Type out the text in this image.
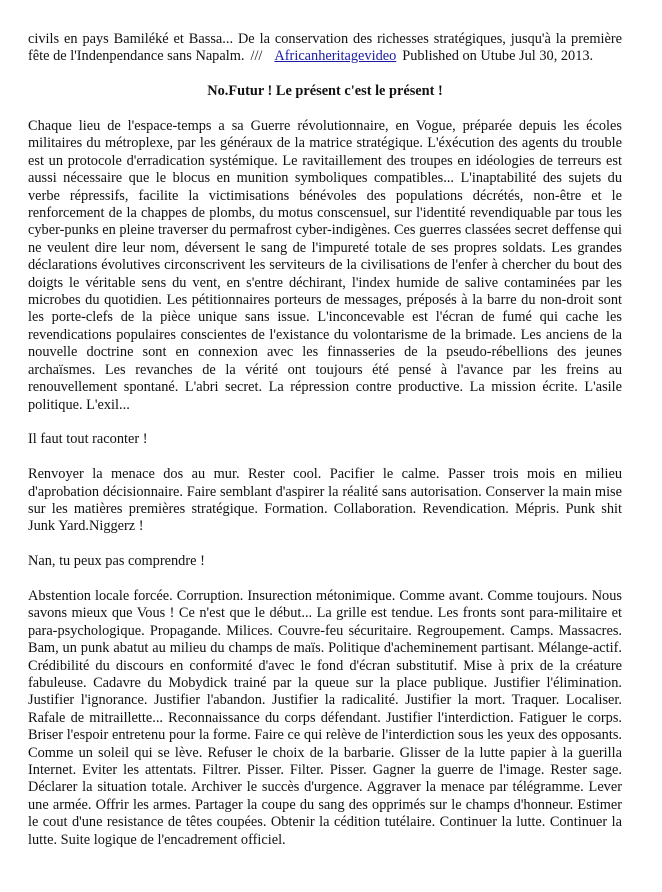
civils en pays Bamiléké et Bassa... De la conservation des richesses stratégiques, jusqu'à la première fête de l'Indenpendance sans Napalm. /// Africanheritagevideo Published on Utube Jul 30, 2013.

No.Futur ! Le présent c'est le présent !

Chaque lieu de l'espace-temps a sa Guerre révolutionnaire, en Vogue, préparée depuis les écoles militaires du métroplexe, par les généraux de la matrice stratégique. L'éxécution des agents du trouble est un protocole d'erradication systémique. Le ravitaillement des troupes en idéologies de terreurs est aussi nécessaire que le blocus en munition symboliques compatibles... L'inaptabilité des sujets du verbe répressifs, facilite la victimisations bénévoles des populations décrétés, non-être et le renforcement de la chappes de plombs, du motus conscensuel, sur l'identité revendiquable par tous les cyber-punks en pleine traverser du permafrost cyber-indigènes. Ces guerres classées secret deffense qui ne veulent dire leur nom, déversent le sang de l'impureté totale de ses propres soldats. Les grandes déclarations évolutives circonscrivent les serviteurs de la civilisations de l'enfer à chercher du bout des doigts le véritable sens du vent, en s'entre déchirant, l'index humide de salive contaminées par les microbes du quotidien. Les pétitionnaires porteurs de messages, préposés à la barre du non-droit sont les porte-clefs de la pièce unique sans issue. L'inconcevable est l'écran de fumé qui cache les revendications populaires conscientes de l'existance du volontarisme de la brimade. Les anciens de la nouvelle doctrine sont en connexion avec les finnasseries de la pseudo-rébellions des jeunes archaïsmes. Les revanches de la vérité ont toujours été pensé à l'avance par les freins au renouvellement spontané. L'abri secret. La répression contre productive. La mission écrite. L'asile politique. L'exil...

Il faut tout raconter !

Renvoyer la menace dos au mur. Rester cool. Pacifier le calme. Passer trois mois en milieu d'aprobation décisionnaire. Faire semblant d'aspirer la réalité sans autorisation. Conserver la main mise sur les matières premières stratégique. Formation. Collaboration. Revendication. Mépris. Punk shit Junk Yard.Niggerz !

Nan, tu peux pas comprendre !

Abstention locale forcée. Corruption. Insurection métonimique. Comme avant. Comme toujours. Nous savons mieux que Vous ! Ce n'est que le début... La grille est tendue. Les fronts sont para-militaire et para-psychologique. Propagande. Milices. Couvre-feu sécuritaire. Regroupement. Camps. Massacres. Bam, un punk abatut au milieu du champs de maïs. Politique d'acheminement partisant. Mélange-actif. Crédibilité du discours en conformité d'avec le fond d'écran substitutif. Mise à prix de la créature fabuleuse. Cadavre du Mobydick trainé par la queue sur la place publique. Justifier l'élimination. Justifier l'ignorance. Justifier l'abandon. Justifier la radicalité. Justifier la mort. Traquer. Localiser. Rafale de mitraillette... Reconnaissance du corps défendant. Justifier l'interdiction. Fatiguer le corps. Briser l'espoir entretenu pour la forme. Faire ce qui relève de l'interdiction sous les yeux des opposants. Comme un soleil qui se lève. Refuser le choix de la barbarie. Glisser de la lutte papier à la guerilla Internet. Eviter les attentats. Filtrer. Pisser. Filter. Pisser. Gagner la guerre de l'image. Rester sage. Déclarer la situation totale. Archiver le succès d'urgence. Aggraver la menace par télégramme. Lever une armée. Offrir les armes. Partager la coupe du sang des opprimés sur le champs d'honneur. Estimer le cout d'une resistance de têtes coupées. Obtenir la cédition tutélaire. Continuer la lutte. Continuer la lutte. Suite logique de l'encadrement officiel.
